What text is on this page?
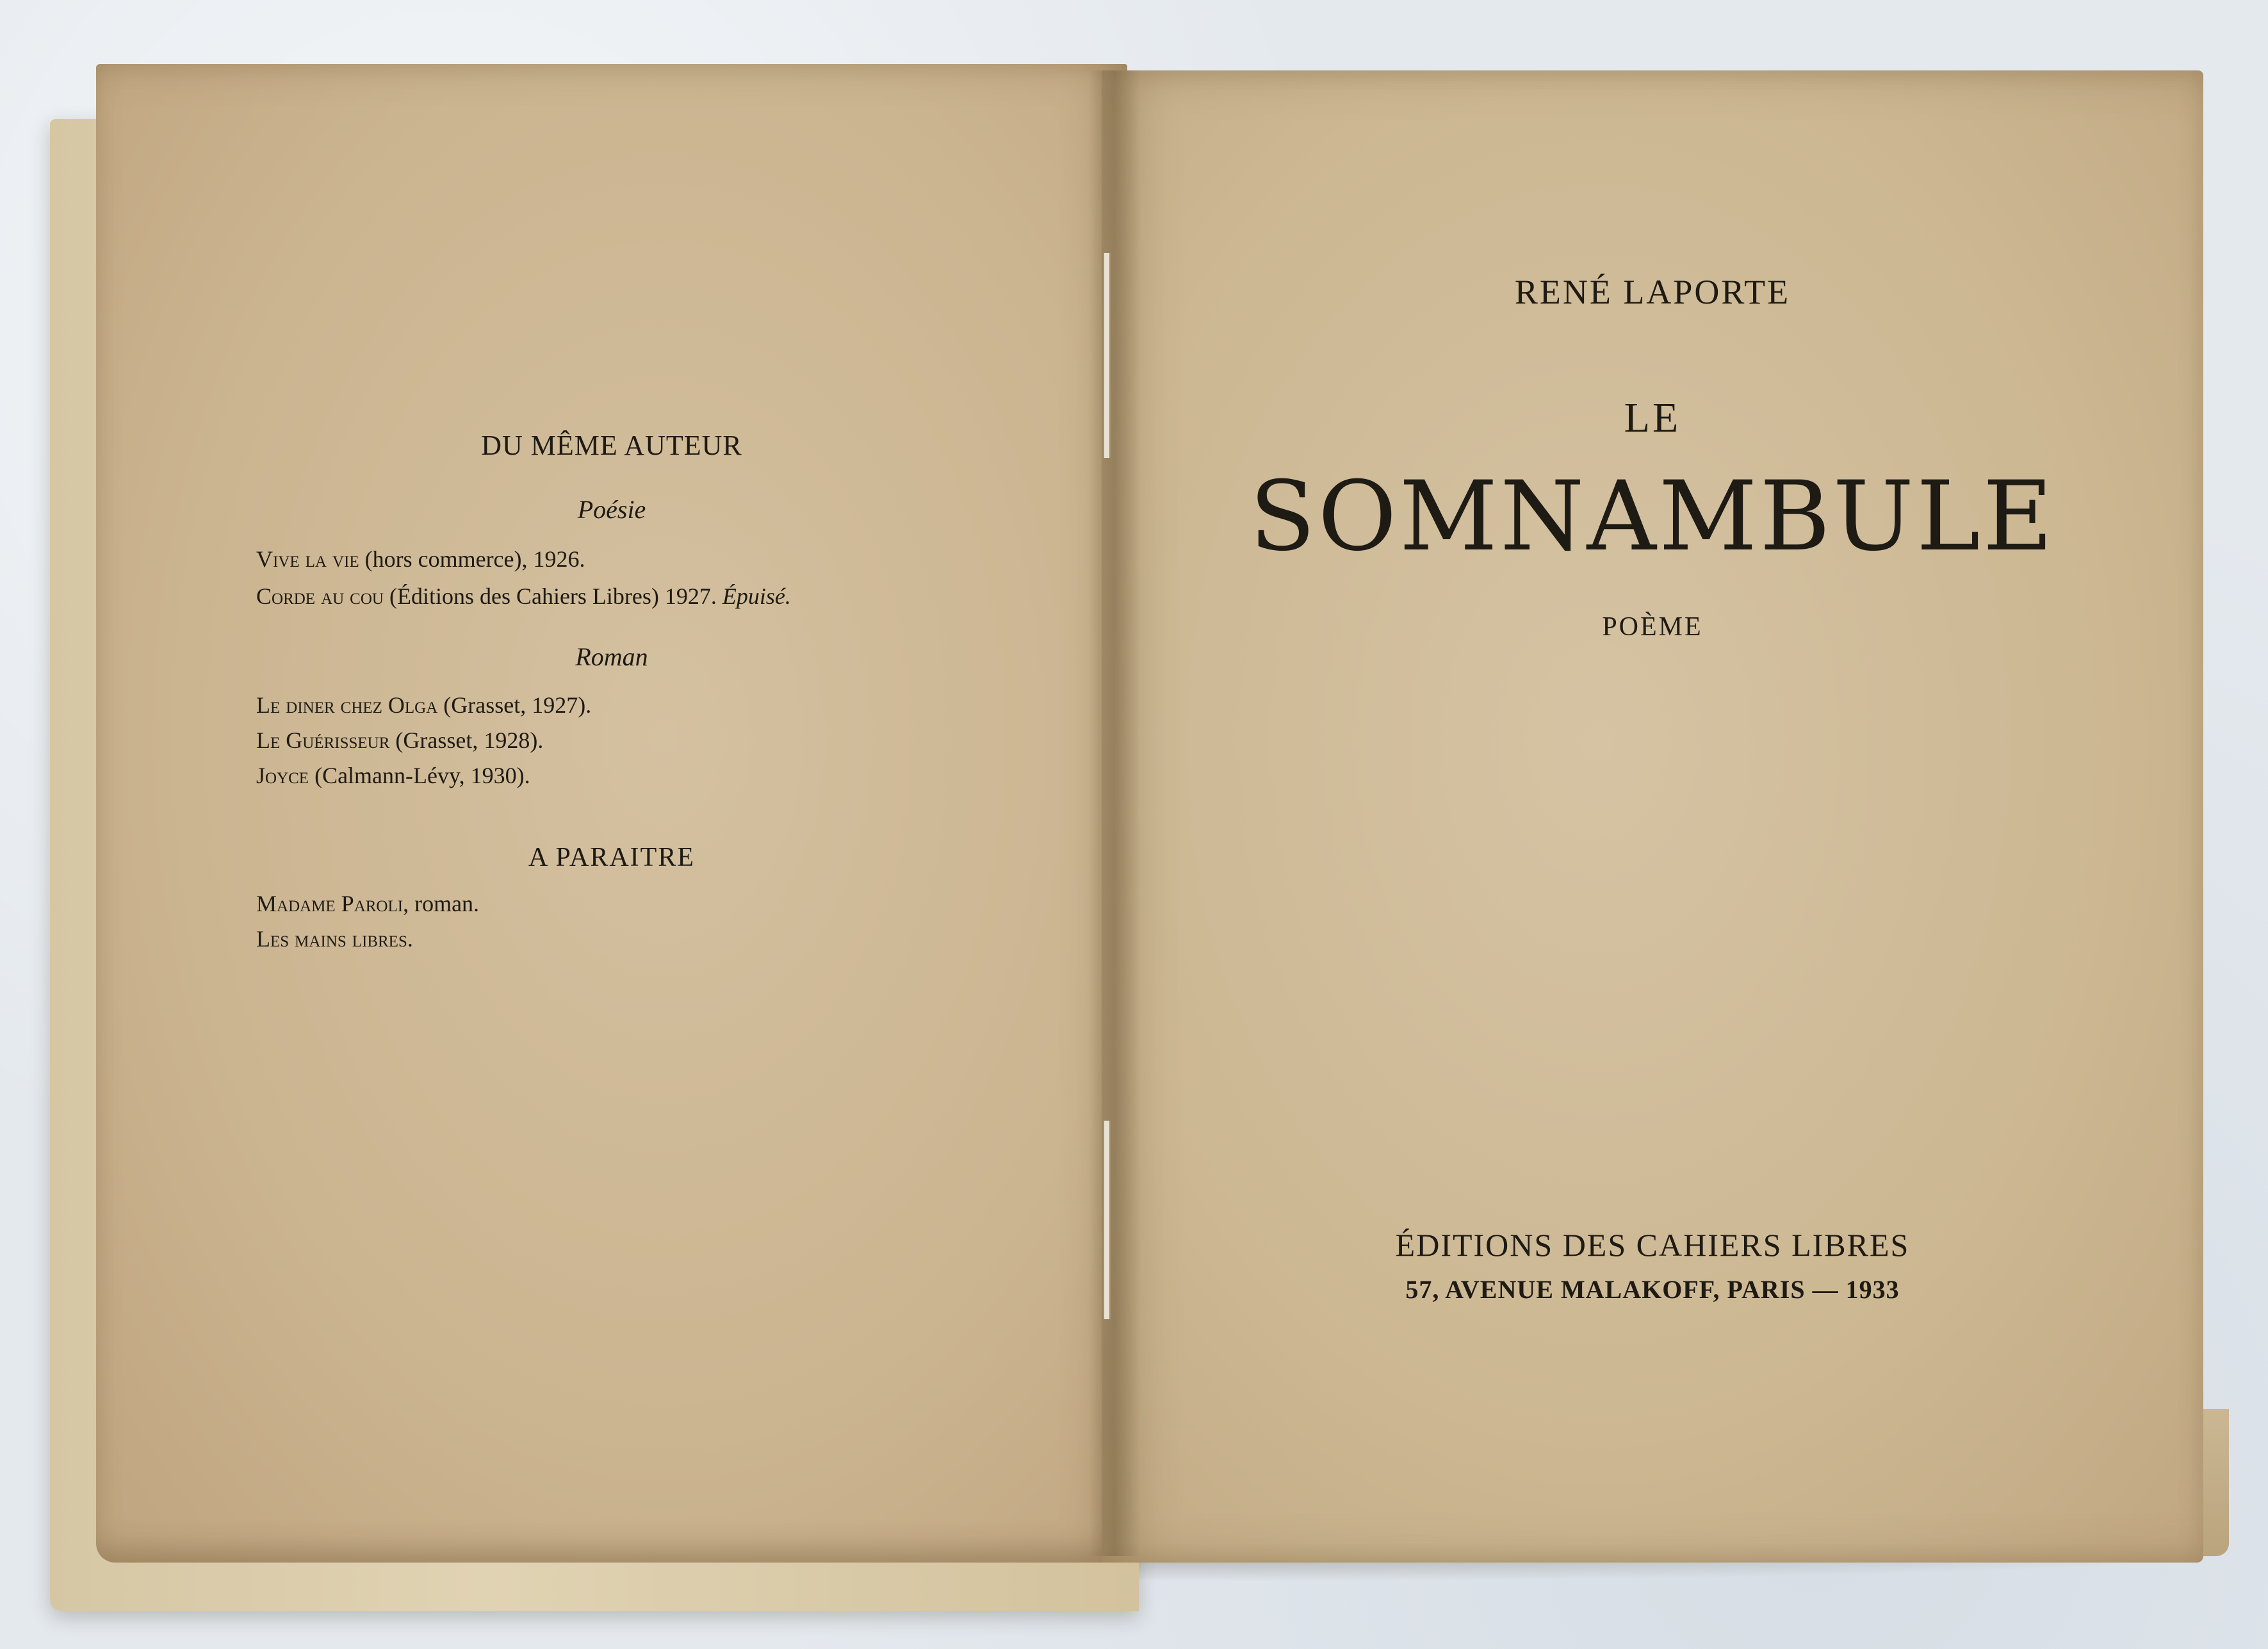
DU MÊME AUTEUR
Poésie
Vive la vie (hors commerce), 1926.
Corde au cou (Éditions des Cahiers Libres) 1927. Épuisé.
Roman
Le diner chez Olga (Grasset, 1927).
Le Guérisseur (Grasset, 1928).
Joyce (Calmann-Lévy, 1930).
A PARAITRE
Madame Paroli, roman.
Les mains libres.
RENÉ LAPORTE
LE
SOMNAMBULE
POÈME
ÉDITIONS DES CAHIERS LIBRES
57, AVENUE MALAKOFF, PARIS — 1933
